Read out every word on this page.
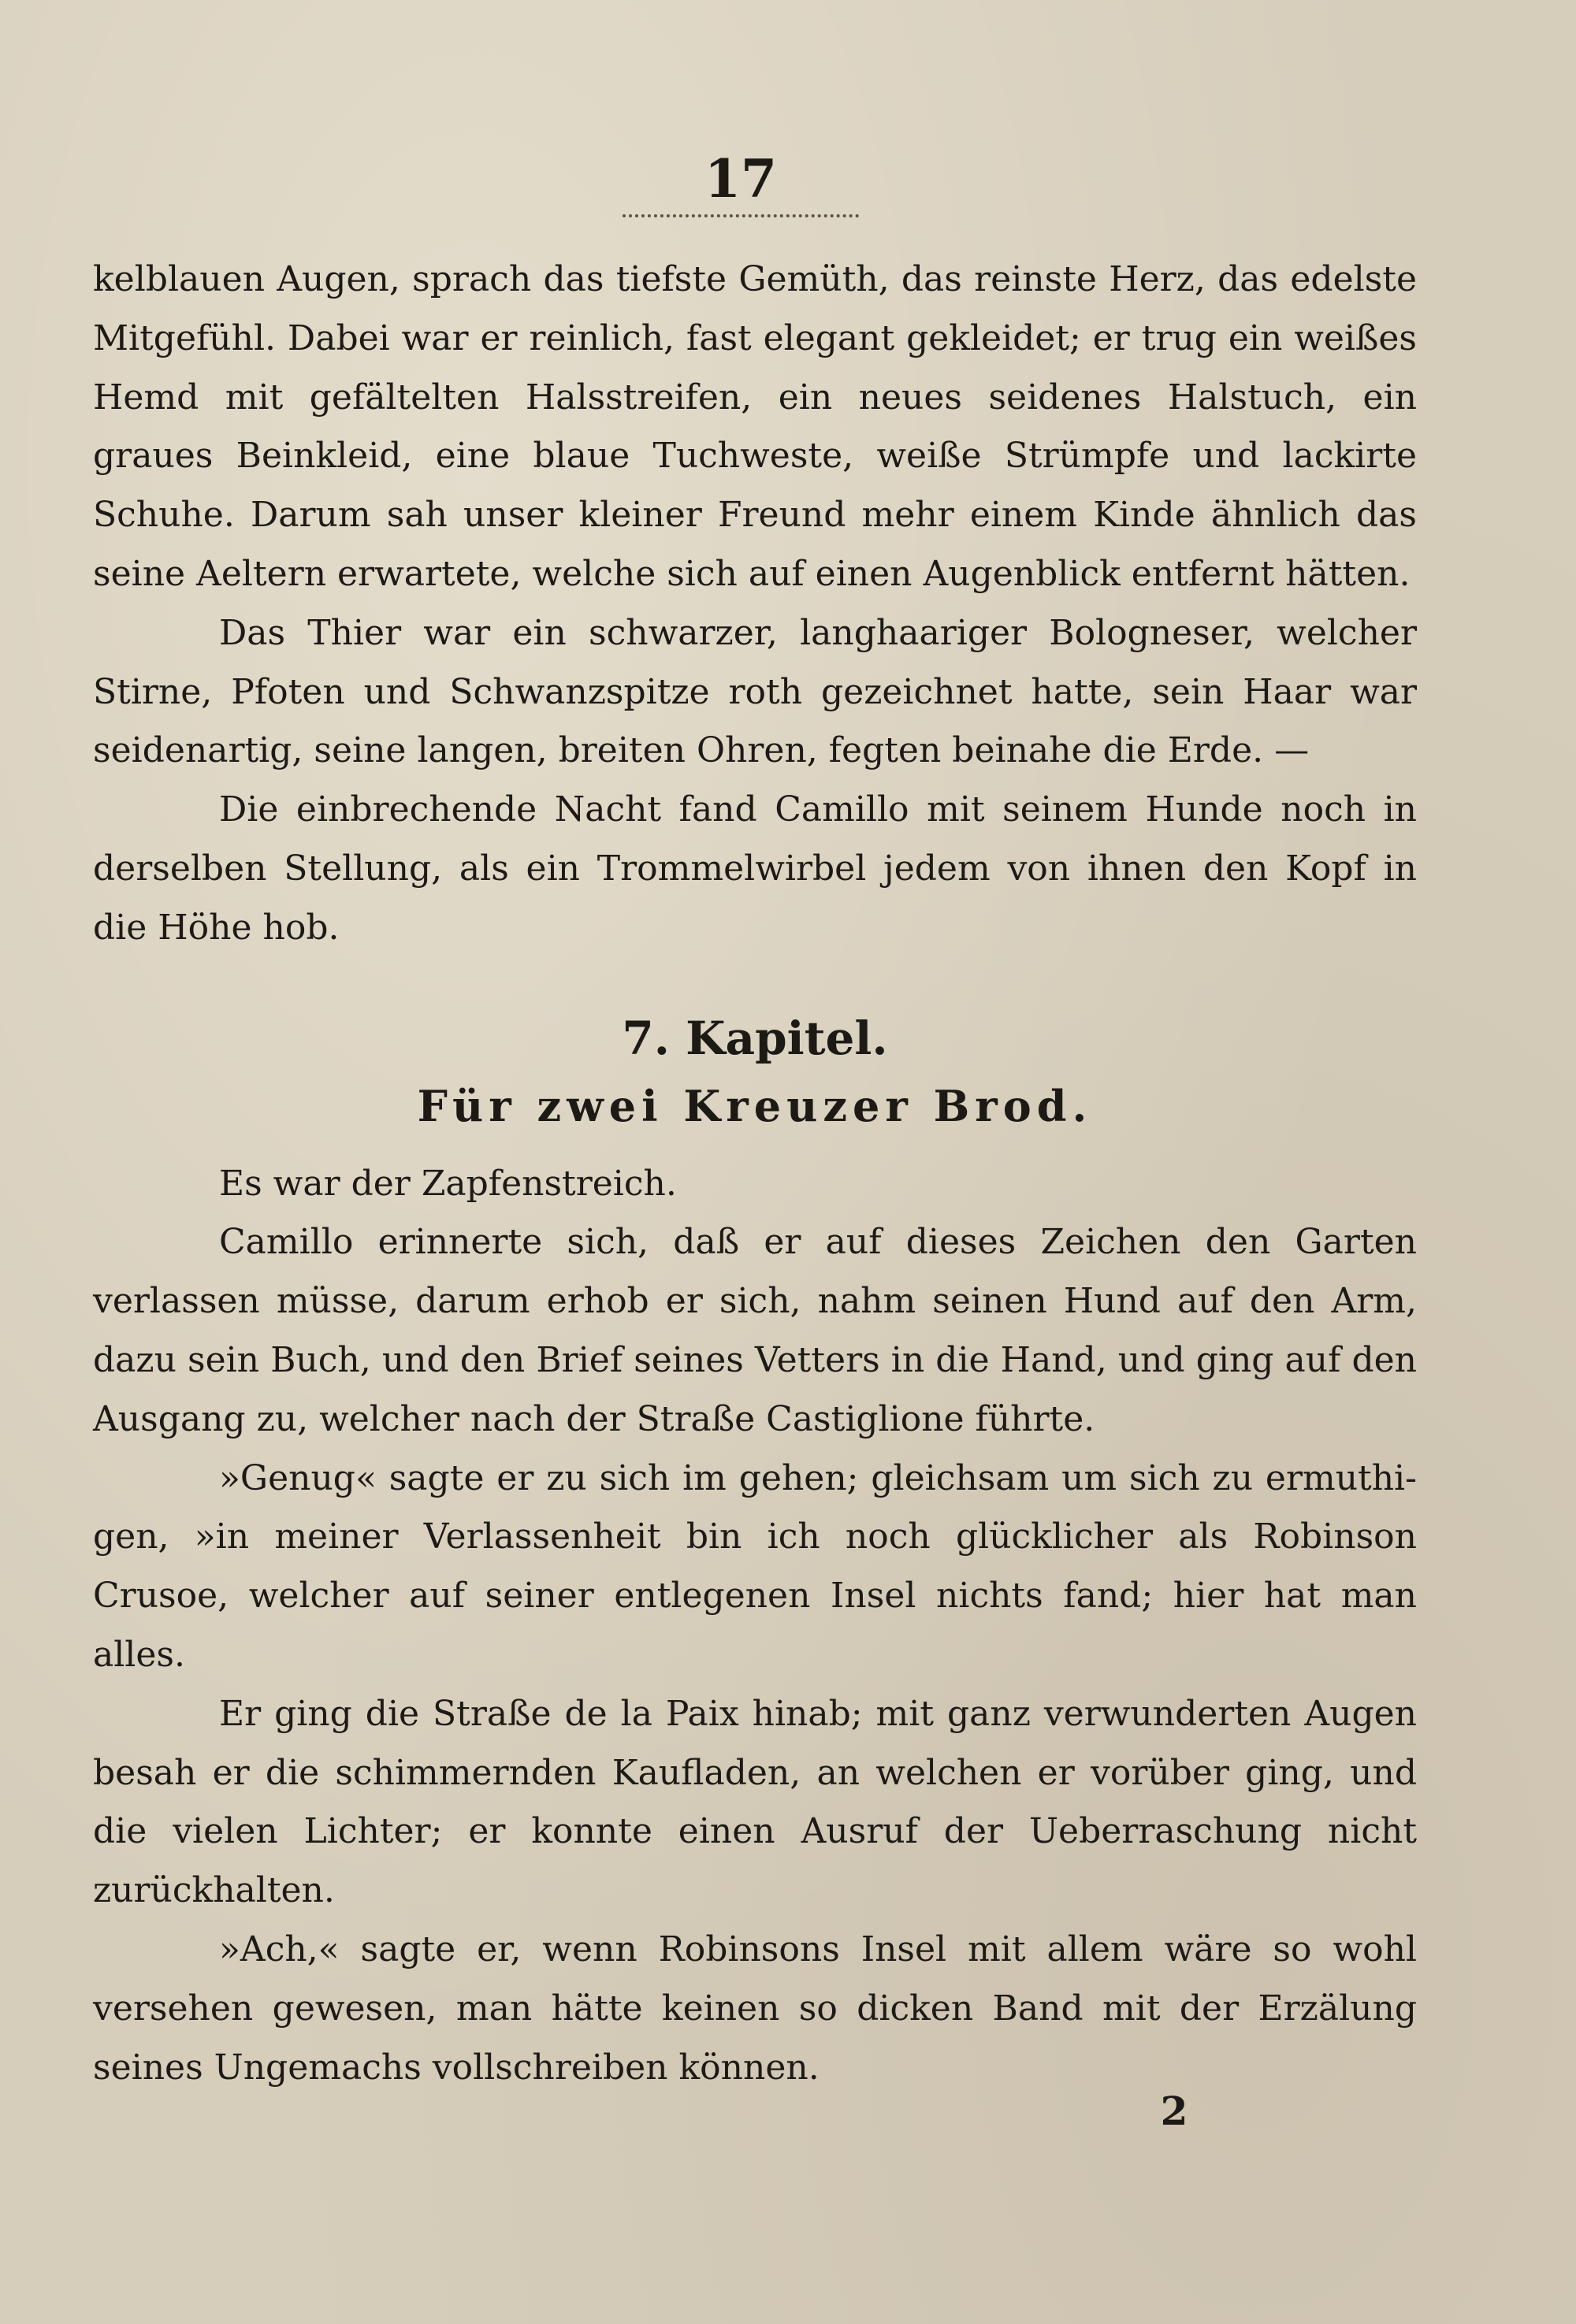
17

kelblauen Augen, sprach das tiefste Gemüth, das reinste Herz, das edelste Mitgefühl. Dabei war er reinlich, fast elegant gekleidet; er trug ein weißes Hemd mit gefältelten Halsstreifen, ein neues seidenes Halstuch, ein graues Beinkleid, eine blaue Tuchweste, weiße Strümpfe und lackirte Schuhe. Darum sah unser kleiner Freund mehr einem Kinde ähnlich das seine Aeltern erwartete, welche sich auf einen Augenblick entfernt hätten.

Das Thier war ein schwarzer, langhaariger Bologneser, welcher Stirne, Pfoten und Schwanzspitze roth gezeichnet hatte, sein Haar war seidenartig, seine langen, breiten Ohren, fegten beinahe die Erde. —

Die einbrechende Nacht fand Camillo mit seinem Hunde noch in derselben Stellung, als ein Trommelwirbel jedem von ihnen den Kopf in die Höhe hob.

7. Kapitel.
Für zwei Kreuzer Brod.

Es war der Zapfenstreich.

Camillo erinnerte sich, daß er auf dieses Zeichen den Garten verlassen müsse, darum erhob er sich, nahm seinen Hund auf den Arm, dazu sein Buch, und den Brief seines Vetters in die Hand, und ging auf den Ausgang zu, welcher nach der Straße Castiglione führte.

»Genug« sagte er zu sich im gehen; gleichsam um sich zu ermuthigen, »in meiner Verlassenheit bin ich noch glücklicher als Robinson Crusoe, welcher auf seiner entlegenen Insel nichts fand; hier hat man alles.

Er ging die Straße de la Paix hinab; mit ganz verwunderten Augen besah er die schimmernden Kaufladen, an welchen er vorüber ging, und die vielen Lichter; er konnte einen Ausruf der Ueberraschung nicht zurückhalten.

»Ach,« sagte er, wenn Robinsons Insel mit allem wäre so wohl versehen gewesen, man hätte keinen so dicken Band mit der Erzälung seines Ungemachs vollschreiben können.

2
